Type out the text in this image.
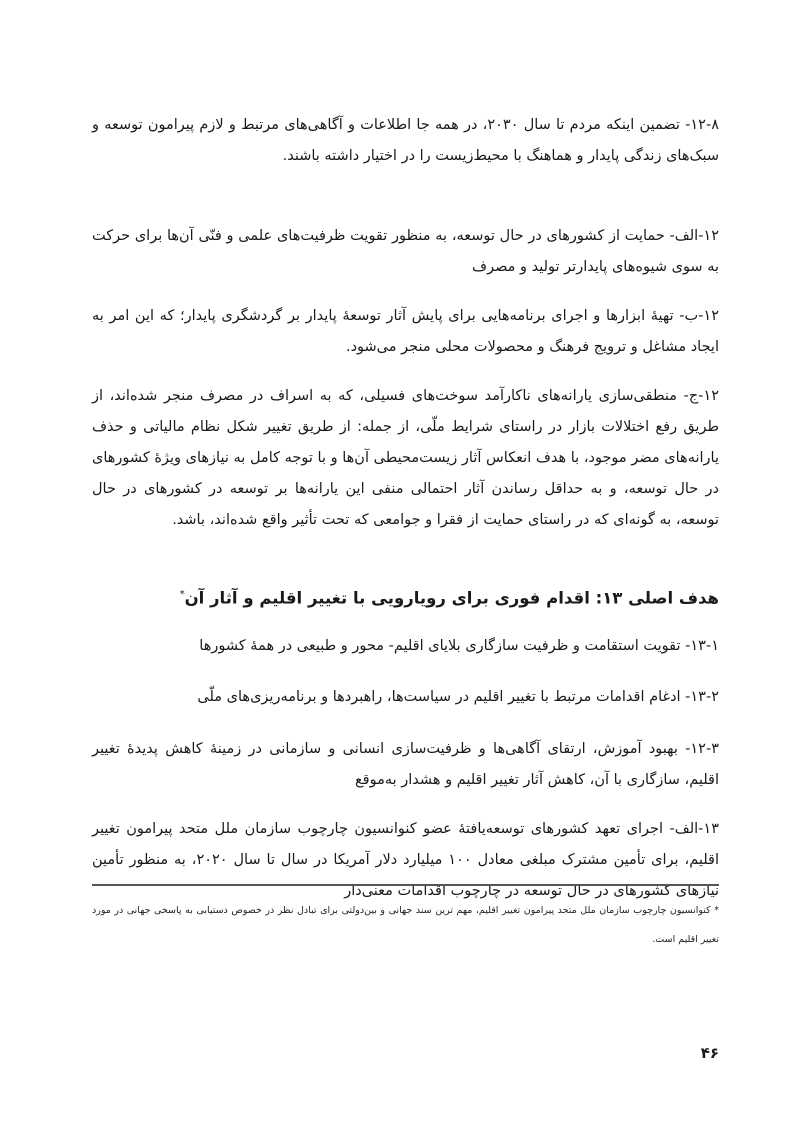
۱۲-۸- تضمین اینکه مردم تا سال ۲۰۳۰، در همه جا اطلاعات و آگاهی‌های مرتبط و لازم پیرامون توسعه و سبک‌های زندگی پایدار و هماهنگ با محیط‌زیست را در اختیار داشته باشند.

۱۲-الف- حمایت از کشورهای در حال توسعه، به منظور تقویت ظرفیت‌های علمی و فنّی آن‌ها برای حرکت به سوی شیوه‌های پایدارتر تولید و مصرف

۱۲-ب- تهیهٔ ابزارها و اجرای برنامه‌هایی برای پایش آثار توسعهٔ پایدار بر گردشگری پایدار؛ که این امر به ایجاد مشاغل و ترویج فرهنگ و محصولات محلی منجر می‌شود.

۱۲-ج- منطقی‌سازی یارانه‌های ناکارآمد سوخت‌های فسیلی، که به اسراف در مصرف منجر شده‌اند، از طریق رفع اختلالات بازار در راستای شرایط ملّی، از جمله: از طریق تغییر شکل نظام مالیاتی و حذف یارانه‌های مضر موجود، با هدف انعکاس آثار زیست‌محیطی آن‌ها و با توجه کامل به نیازهای ویژهٔ کشورهای در حال توسعه، و به حداقل رساندن آثار احتمالی منفی این یارانه‌ها بر توسعه در کشورهای در حال توسعه، به گونه‌ای که در راستای حمایت از فقرا و جوامعی که تحت تأثیر واقع شده‌اند، باشد.

هدف اصلی ۱۳: اقدام فوری برای رویارویی با تغییر اقلیم و آثار آن*

۱۳-۱- تقویت استقامت و ظرفیت سازگاری بلایای اقلیم- محور و طبیعی در همهٔ کشورها

۱۳-۲- ادغام اقدامات مرتبط با تغییر اقلیم در سیاست‌ها، راهبردها و برنامه‌ریزی‌های ملّی

۱۲-۳- بهبود آموزش، ارتقای آگاهی‌ها و ظرفیت‌سازی انسانی و سازمانی در زمینهٔ کاهش پدیدهٔ تغییر اقلیم، سازگاری با آن، کاهش آثار تغییر اقلیم و هشدار به‌موقع

۱۳-الف- اجرای تعهد کشورهای توسعه‌یافتهٔ عضو کنوانسیون چارچوب سازمان ملل متحد پیرامون تغییر اقلیم، برای تأمین مشترک مبلغی معادل ۱۰۰ میلیارد دلار آمریکا در سال تا سال ۲۰۲۰، به منظور تأمین نیازهای کشورهای در حال توسعه در چارچوب اقدامات معنی‌دار

* کنوانسیون چارچوب سازمان ملل متحد پیرامون تغییر اقلیم، مهم ترین سند جهانی و بین‌دولتی برای تبادل نظر در خصوص دستیابی به پاسخی جهانی در مورد تغییر اقلیم است.

۴۶
